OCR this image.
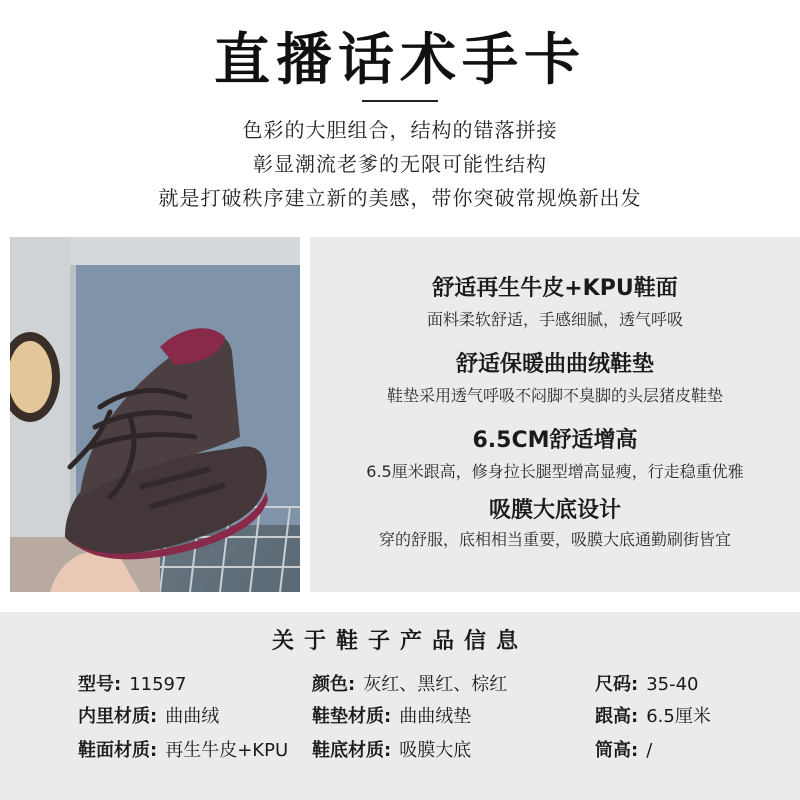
直播话术手卡
色彩的大胆组合，结构的错落拼接
彰显潮流老爹的无限可能性结构
就是打破秩序建立新的美感，带你突破常规焕新出发
舒适再生牛皮+KPU鞋面
面料柔软舒适，手感细腻，透气呼吸
舒适保暖曲曲绒鞋垫
鞋垫采用透气呼吸不闷脚不臭脚的头层猪皮鞋垫
6.5CM舒适增高
6.5厘米跟高，修身拉长腿型增高显瘦，行走稳重优雅
吸膜大底设计
穿的舒服，底相相当重要，吸膜大底通勤刷街皆宜
关于鞋子产品信息
型号: 11597	颜色: 灰红、黑红、棕红	尺码: 35-40
内里材质: 曲曲绒	鞋垫材质: 曲曲绒垫	跟高: 6.5厘米
鞋面材质: 再生牛皮+KPU 鞋底材质: 吸膜大底	筒高: /
